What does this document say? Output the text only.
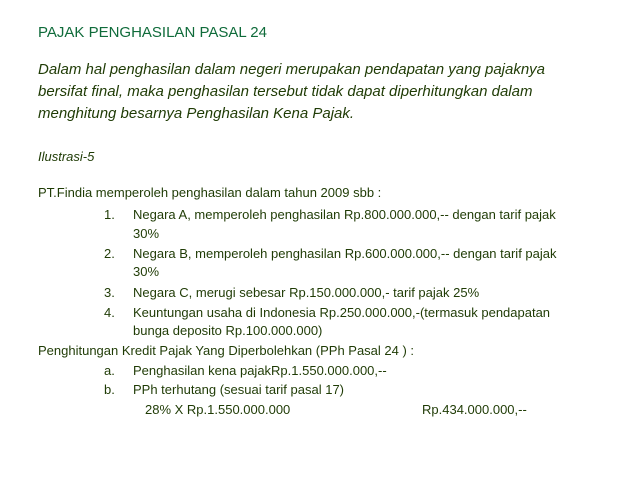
PAJAK PENGHASILAN PASAL 24
Dalam hal penghasilan dalam negeri merupakan pendapatan yang pajaknya
bersifat final, maka penghasilan tersebut tidak dapat diperhitungkan dalam
menghitung besarnya Penghasilan Kena Pajak.
Ilustrasi-5
PT.Findia memperoleh penghasilan dalam tahun 2009 sbb :
1. Negara A, memperoleh penghasilan Rp.800.000.000,-- dengan tarif pajak
30%
2. Negara B, memperoleh penghasilan Rp.600.000.000,-- dengan tarif pajak
30%
3. Negara C, merugi sebesar Rp.150.000.000,- tarif pajak 25%
4. Keuntungan usaha di Indonesia Rp.250.000.000,-(termasuk pendapatan
bunga deposito Rp.100.000.000)
Penghitungan Kredit Pajak Yang Diperbolehkan (PPh Pasal 24 ) :
a. Penghasilan kena pajakRp.1.550.000.000,--
b. PPh terhutang (sesuai tarif pasal 17)
28% X Rp.1.550.000.000	Rp.434.000.000,--
